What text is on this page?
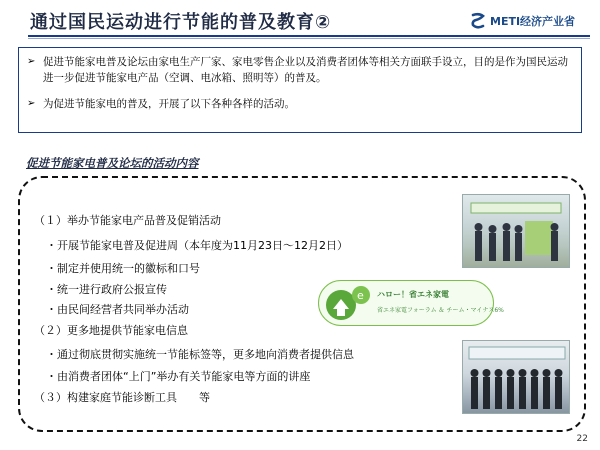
通过国民运动进行节能的普及教育②	METI经济产业省
➢ 促进节能家电普及论坛由家电生产厂家、家电零售企业以及消费者团体等相关方面联手设立，目的是作为国民运动进一步促进节能家电产品（空调、电冰箱、照明等）的普及。
➢ 为促进节能家电的普及，开展了以下各种各样的活动。
促进节能家电普及论坛的活动内容
（１）举办节能家电产品普及促销活动
・开展节能家电普及促进周（本年度为11月23日～12月2日）
・制定并使用统一的徽标和口号
・统一进行政府公报宣传
・由民间经营者共同举办活动
（２）更多地提供节能家电信息
・通过彻底贯彻实施统一节能标签等，更多地向消费者提供信息
・由消费者团体“上门”举办有关节能家电等方面的讲座
（３）构建家庭节能诊断工具　　等
e ハロー！省エネ家電
省エネ家電フォーラム ＆ チーム・マイナス6%
22
